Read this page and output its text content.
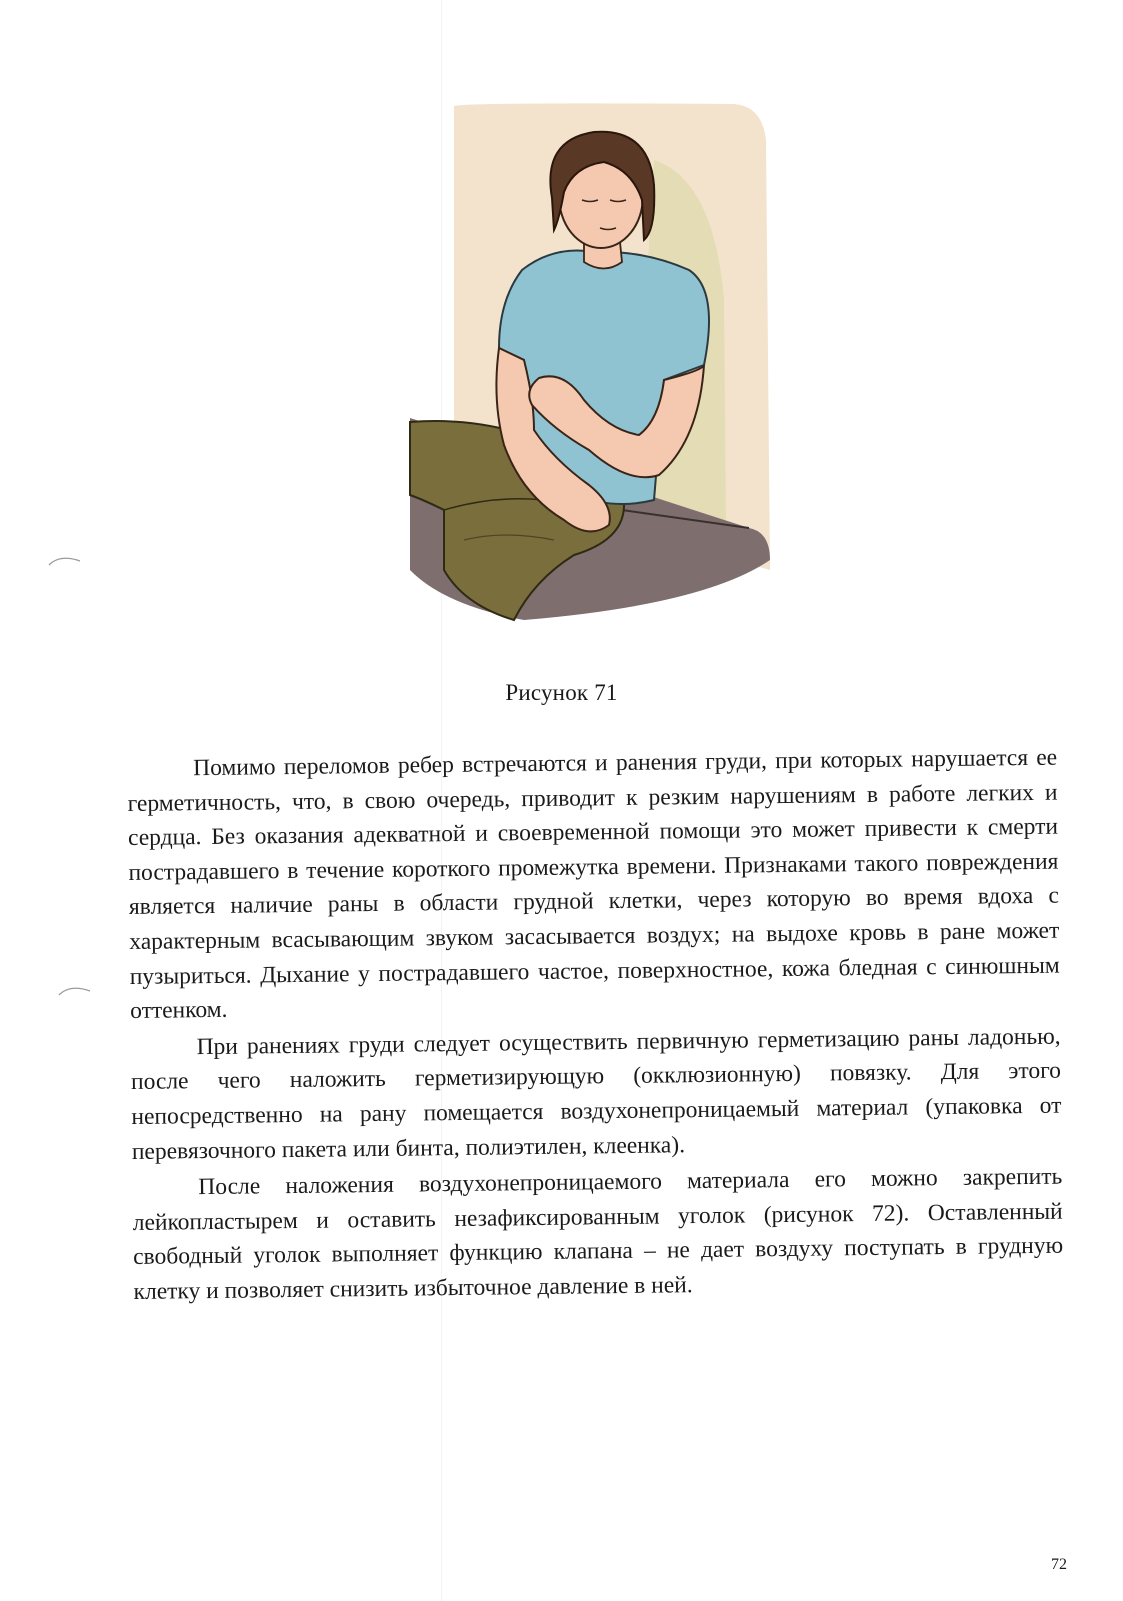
Рисунок 71

Помимо переломов ребер встречаются и ранения груди, при которых нарушается ее герметичность, что, в свою очередь, приводит к резким нарушениям в работе легких и сердца. Без оказания адекватной и своевременной помощи это может привести к смерти пострадавшего в течение короткого промежутка времени. Признаками такого повреждения является наличие раны в области грудной клетки, через которую во время вдоха с характерным всасывающим звуком засасывается воздух; на выдохе кровь в ране может пузыриться. Дыхание у пострадавшего частое, поверхностное, кожа бледная с синюшным оттенком.

При ранениях груди следует осуществить первичную герметизацию раны ладонью, после чего наложить герметизирующую (окклюзионную) повязку. Для этого непосредственно на рану помещается воздухонепроницаемый материал (упаковка от перевязочного пакета или бинта, полиэтилен, клеенка).

После наложения воздухонепроницаемого материала его можно закрепить лейкопластырем и оставить незафиксированным уголок (рисунок 72). Оставленный свободный уголок выполняет функцию клапана – не дает воздуху поступать в грудную клетку и позволяет снизить избыточное давление в ней.

72
